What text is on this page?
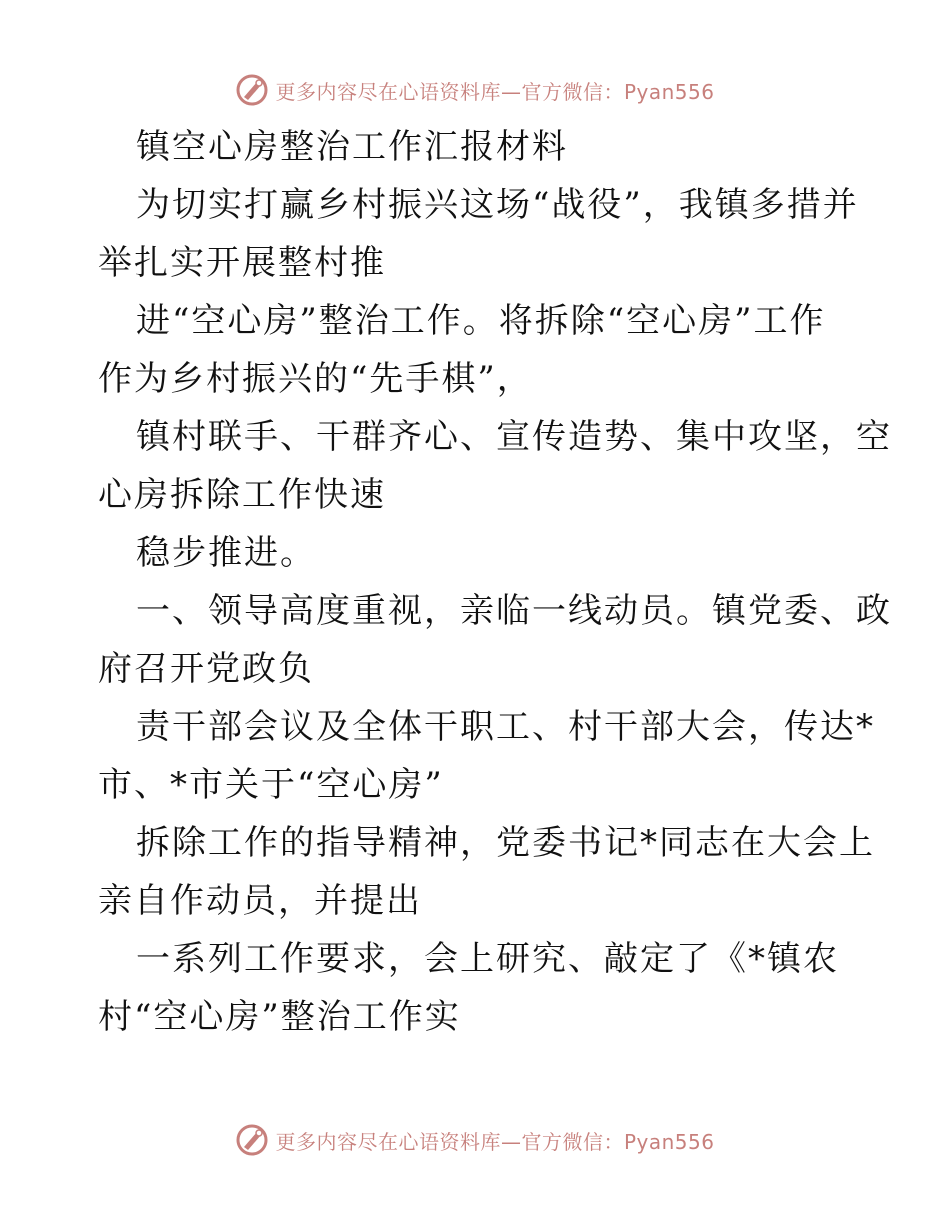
更多内容尽在心语资料库—官方微信：Pyan556

镇空心房整治工作汇报材料

为切实打赢乡村振兴这场“战役”，我镇多措并

举扎实开展整村推

进“空心房”整治工作。将拆除“空心房”工作

作为乡村振兴的“先手棋”，

镇村联手、干群齐心、宣传造势、集中攻坚，空

心房拆除工作快速

稳步推进。

一、领导高度重视，亲临一线动员。镇党委、政

府召开党政负

责干部会议及全体干职工、村干部大会，传达*

市、*市关于“空心房”

拆除工作的指导精神，党委书记*同志在大会上

亲自作动员，并提出

一系列工作要求，会上研究、敲定了《*镇农

村“空心房”整治工作实

更多内容尽在心语资料库—官方微信：Pyan556
